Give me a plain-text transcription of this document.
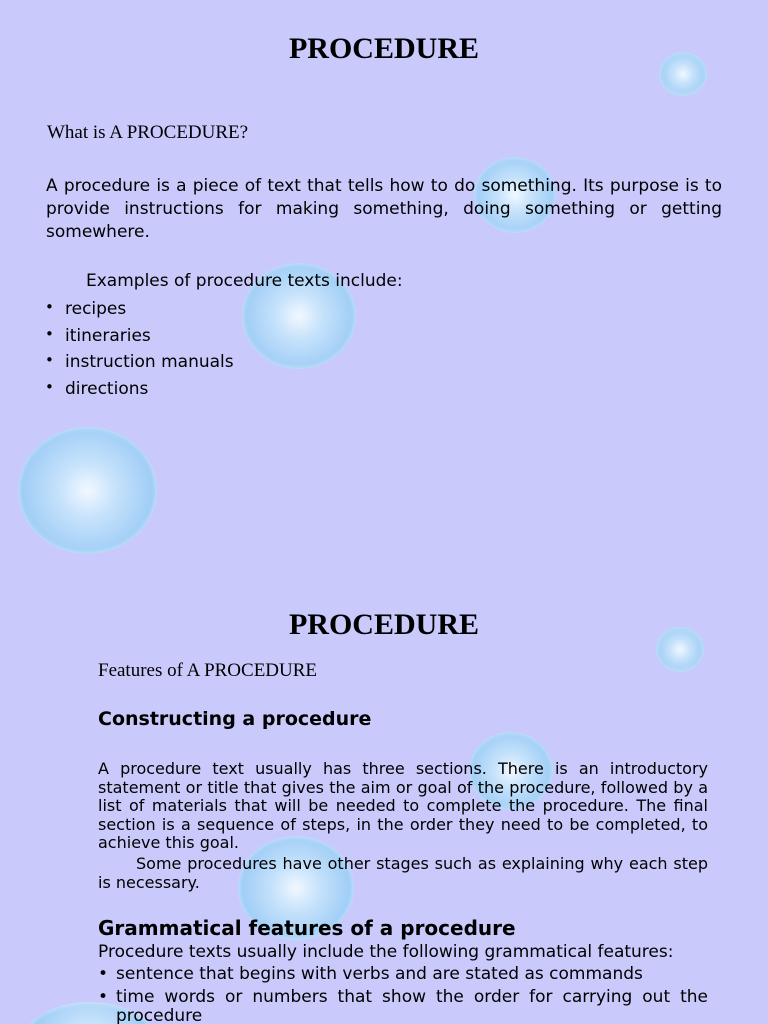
PROCEDURE

What is A PROCEDURE?

A procedure is a piece of text that tells how to do something. Its purpose is to provide instructions for making something, doing something or getting somewhere.

Examples of procedure texts include:

• recipes
• itineraries
• instruction manuals
• directions
PROCEDURE

Features of A PROCEDURE

Constructing a procedure

A procedure text usually has three sections. There is an introductory statement or title that gives the aim or goal of the procedure, followed by a list of materials that will be needed to complete the procedure. The final section is a sequence of steps, in the order they need to be completed, to achieve this goal.

Some procedures have other stages such as explaining why each step is necessary.

Grammatical features of a procedure

Procedure texts usually include the following grammatical features:

• sentence that begins with verbs and are stated as commands
• time words or numbers that show the order for carrying out the procedure
